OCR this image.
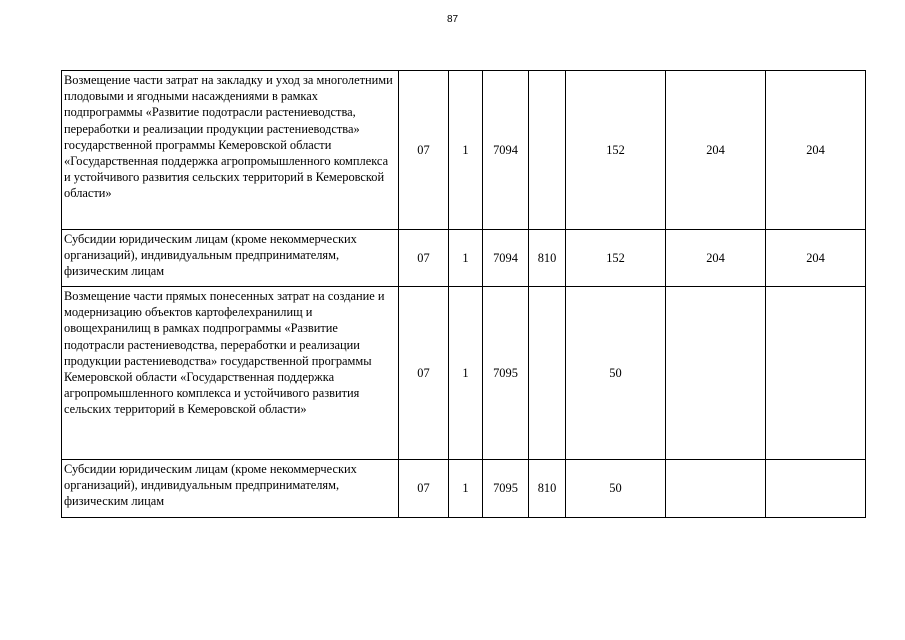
87
Возмещение части затрат на закладку и уход за многолетними плодовыми и ягодными насаждениями в рамках подпрограммы «Развитие подотрасли растениеводства, переработки и реализации продукции растениеводства» государственной программы Кемеровской области «Государственная поддержка агропромышленного комплекса и устойчивого развития сельских территорий в Кемеровской области»	07	1	7094		152	204	204
Субсидии юридическим лицам (кроме некоммерческих организаций), индивидуальным предпринимателям, физическим лицам	07	1	7094	810	152	204	204
Возмещение части прямых понесенных затрат на создание и модернизацию объектов картофелехранилищ и овощехранилищ в рамках подпрограммы «Развитие подотрасли растениеводства, переработки и реализации продукции растениеводства» государственной программы Кемеровской области «Государственная поддержка агропромышленного комплекса и устойчивого развития сельских территорий в Кемеровской области»	07	1	7095		50		
Субсидии юридическим лицам (кроме некоммерческих организаций), индивидуальным предпринимателям, физическим лицам	07	1	7095	810	50		
